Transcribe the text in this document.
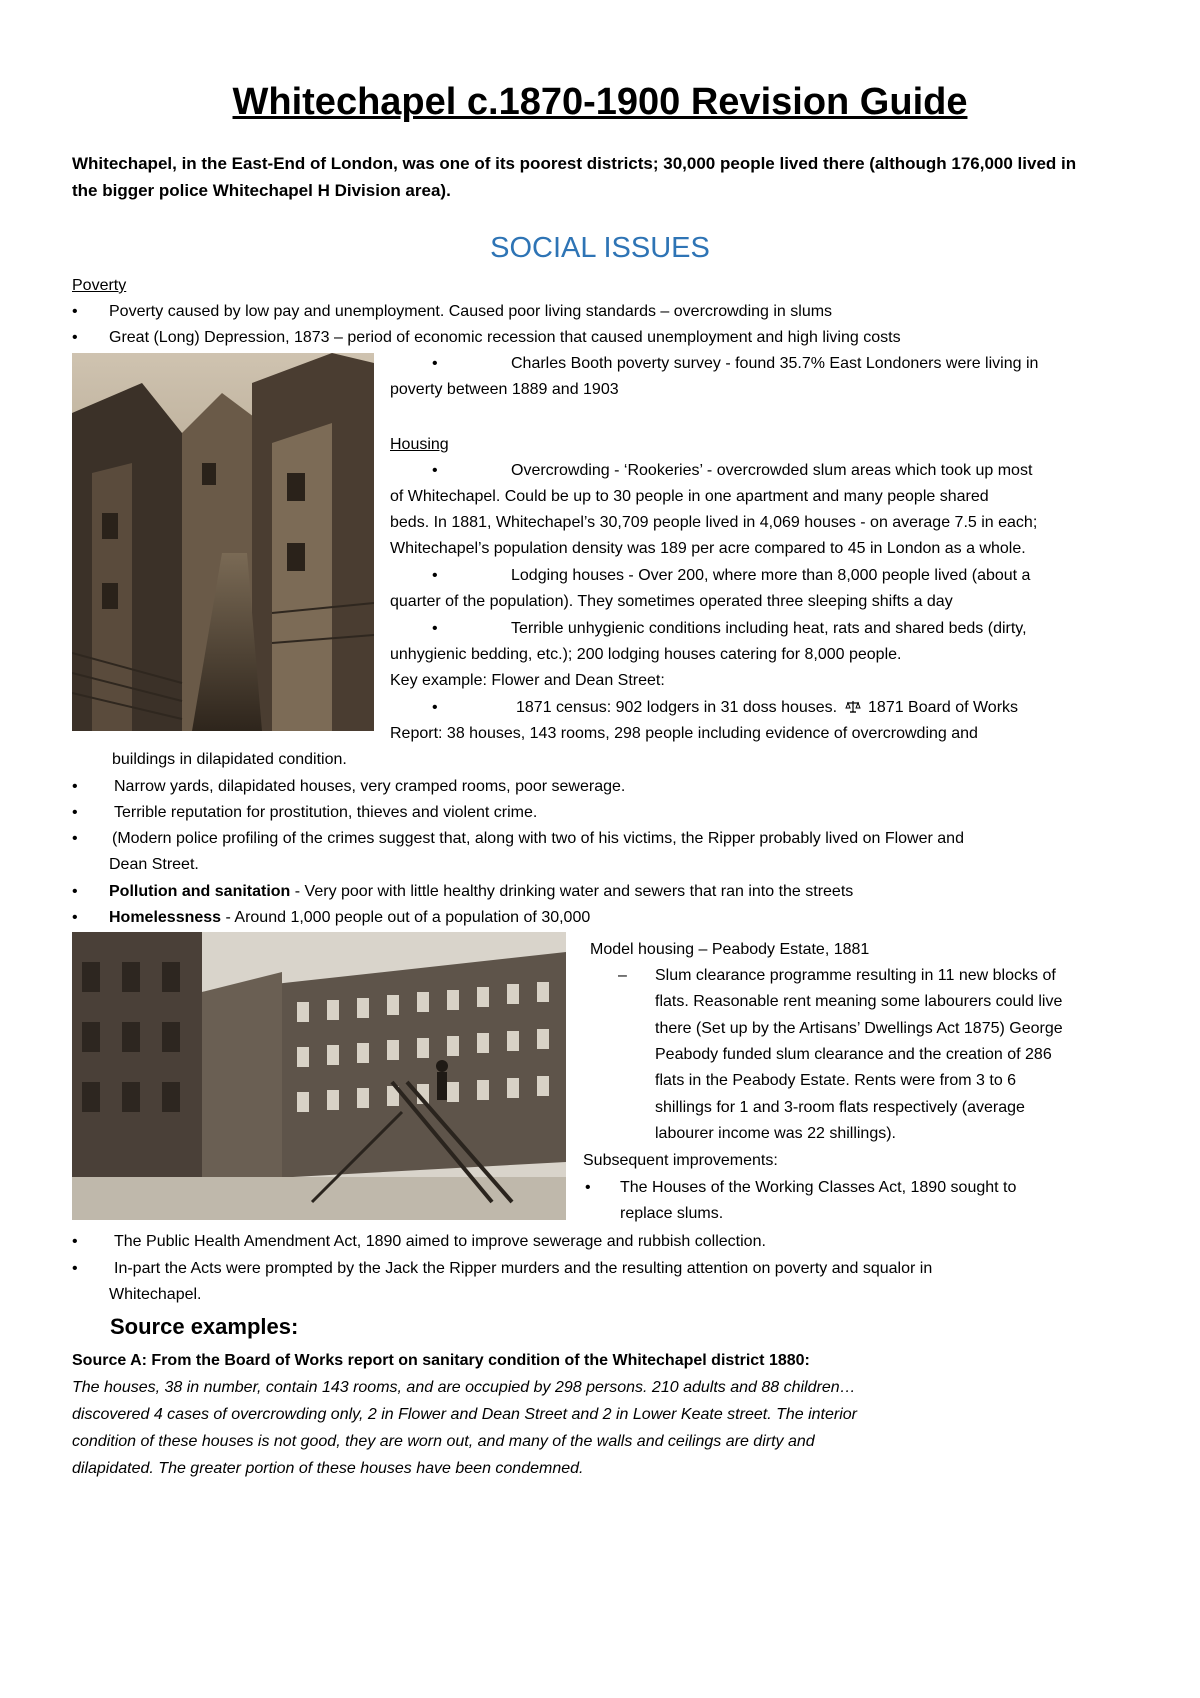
Whitechapel c.1870-1900 Revision Guide
Whitechapel, in the East-End of London, was one of its poorest districts; 30,000 people lived there (although 176,000 lived in the bigger police Whitechapel H Division area).
SOCIAL ISSUES
Poverty
• Poverty caused by low pay and unemployment. Caused poor living standards – overcrowding in slums
• Great (Long) Depression, 1873 – period of economic recession that caused unemployment and high living costs
•	Charles Booth poverty survey - found 35.7% East Londoners were living in
poverty between 1889 and 1903
Housing
•	Overcrowding - ‘Rookeries’ - overcrowded slum areas which took up most
of Whitechapel. Could be up to 30 people in one apartment and many people shared
beds. In 1881, Whitechapel’s 30,709 people lived in 4,069 houses - on average 7.5 in each;
Whitechapel’s population density was 189 per acre compared to 45 in London as a whole.
•	Lodging houses - Over 200, where more than 8,000 people lived (about a
quarter of the population). They sometimes operated three sleeping shifts a day
•	Terrible unhygienic conditions including heat, rats and shared beds (dirty,
unhygienic bedding, etc.); 200 lodging houses catering for 8,000 people.
Key example: Flower and Dean Street:
•	1871 census: 902 lodgers in 31 doss houses. 1871 Board of Works
Report: 38 houses, 143 rooms, 298 people including evidence of overcrowding and
buildings in dilapidated condition.
• Narrow yards, dilapidated houses, very cramped rooms, poor sewerage.
• Terrible reputation for prostitution, thieves and violent crime.
• (Modern police profiling of the crimes suggest that, along with two of his victims, the Ripper probably lived on Flower and
Dean Street.
• Pollution and sanitation - Very poor with little healthy drinking water and sewers that ran into the streets
• Homelessness - Around 1,000 people out of a population of 30,000
Model housing – Peabody Estate, 1881
– Slum clearance programme resulting in 11 new blocks of
flats. Reasonable rent meaning some labourers could live
there (Set up by the Artisans’ Dwellings Act 1875) George
Peabody funded slum clearance and the creation of 286
flats in the Peabody Estate. Rents were from 3 to 6
shillings for 1 and 3-room flats respectively (average
labourer income was 22 shillings).
Subsequent improvements:
• The Houses of the Working Classes Act, 1890 sought to
replace slums.
• The Public Health Amendment Act, 1890 aimed to improve sewerage and rubbish collection.
• In-part the Acts were prompted by the Jack the Ripper murders and the resulting attention on poverty and squalor in
Whitechapel.
Source examples:
Source A: From the Board of Works report on sanitary condition of the Whitechapel district 1880:
The houses, 38 in number, contain 143 rooms, and are occupied by 298 persons. 210 adults and 88 children…
discovered 4 cases of overcrowding only, 2 in Flower and Dean Street and 2 in Lower Keate street. The interior
condition of these houses is not good, they are worn out, and many of the walls and ceilings are dirty and
dilapidated. The greater portion of these houses have been condemned.
